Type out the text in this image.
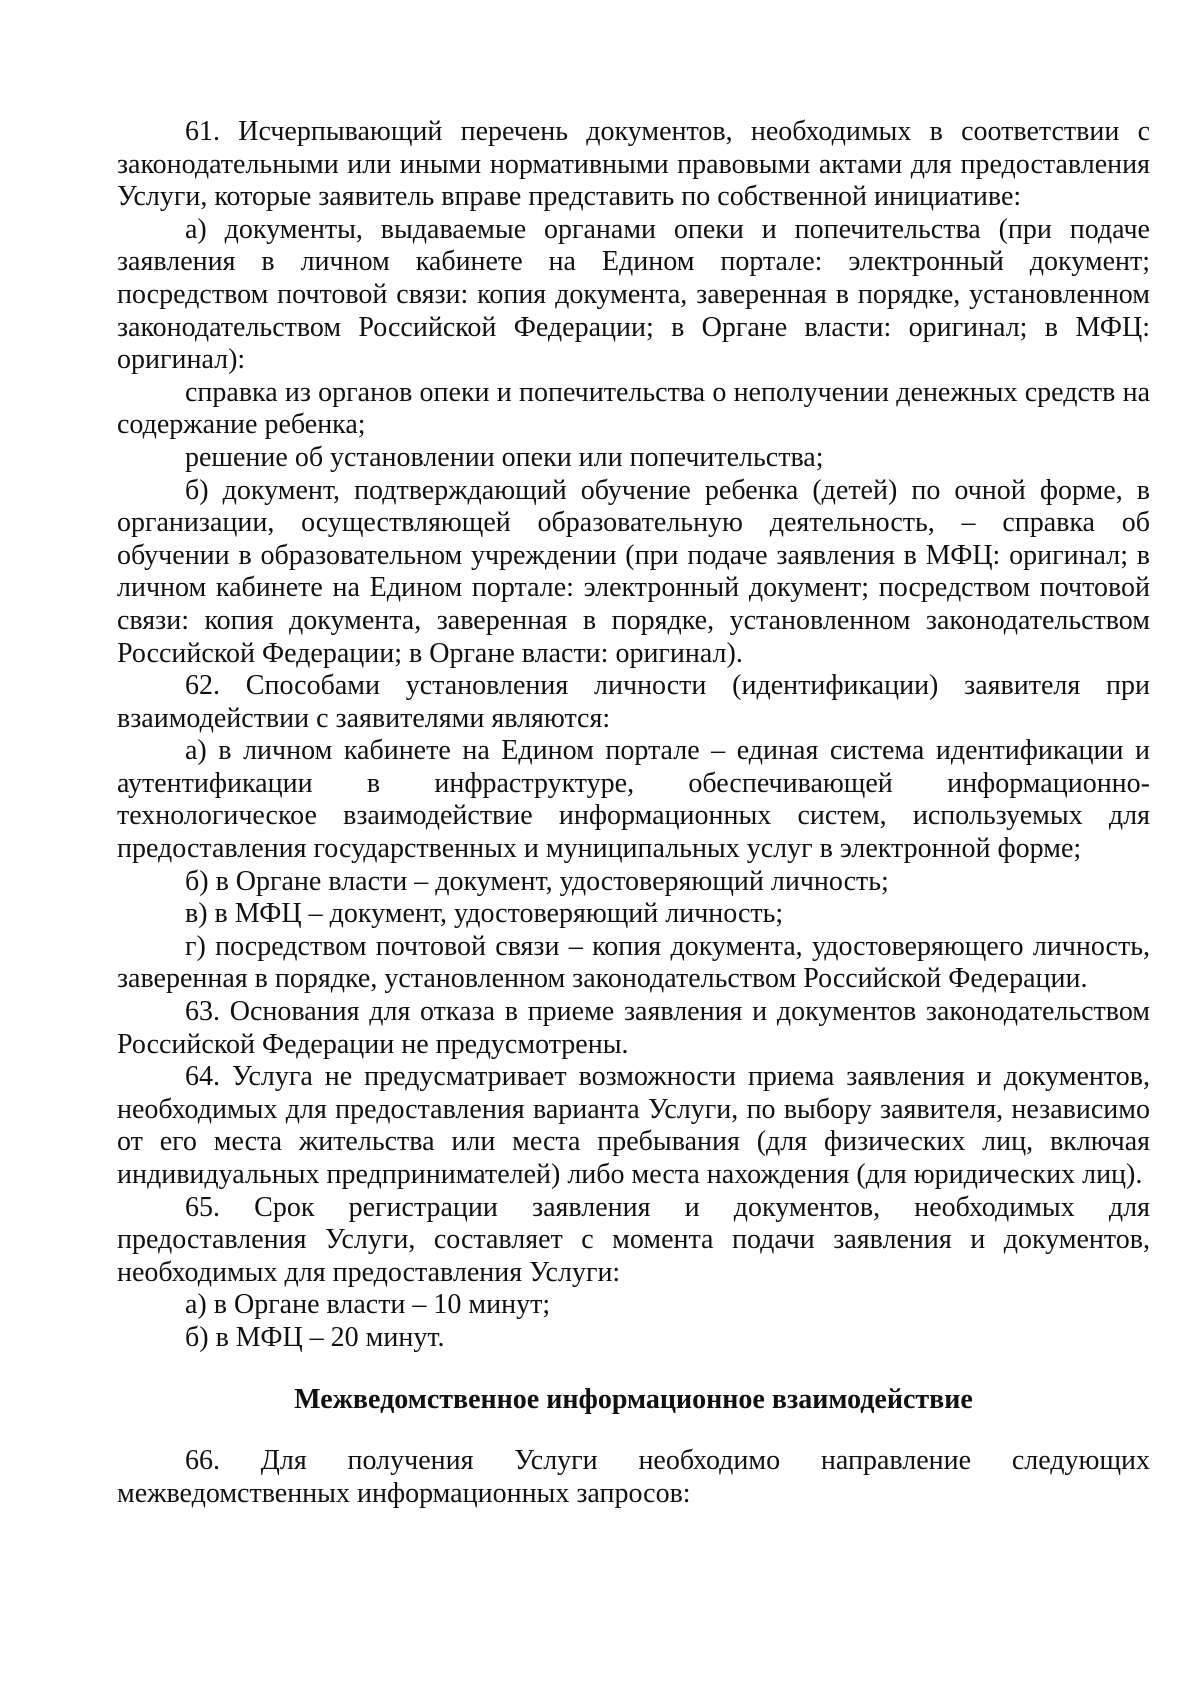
61. Исчерпывающий перечень документов, необходимых в соответствии с законодательными или иными нормативными правовыми актами для предоставления Услуги, которые заявитель вправе представить по собственной инициативе:

а) документы, выдаваемые органами опеки и попечительства (при подаче заявления в личном кабинете на Едином портале: электронный документ; посредством почтовой связи: копия документа, заверенная в порядке, установленном законодательством Российской Федерации; в Органе власти: оригинал; в МФЦ: оригинал):

справка из органов опеки и попечительства о неполучении денежных средств на содержание ребенка;

решение об установлении опеки или попечительства;

б) документ, подтверждающий обучение ребенка (детей) по очной форме, в организации, осуществляющей образовательную деятельность, – справка об обучении в образовательном учреждении (при подаче заявления в МФЦ: оригинал; в личном кабинете на Едином портале: электронный документ; посредством почтовой связи: копия документа, заверенная в порядке, установленном законодательством Российской Федерации; в Органе власти: оригинал).

62. Способами установления личности (идентификации) заявителя при взаимодействии с заявителями являются:

а) в личном кабинете на Едином портале – единая система идентификации и аутентификации в инфраструктуре, обеспечивающей информационно-технологическое взаимодействие информационных систем, используемых для предоставления государственных и муниципальных услуг в электронной форме;

б) в Органе власти – документ, удостоверяющий личность;

в) в МФЦ – документ, удостоверяющий личность;

г) посредством почтовой связи – копия документа, удостоверяющего личность, заверенная в порядке, установленном законодательством Российской Федерации.

63. Основания для отказа в приеме заявления и документов законодательством Российской Федерации не предусмотрены.

64. Услуга не предусматривает возможности приема заявления и документов, необходимых для предоставления варианта Услуги, по выбору заявителя, независимо от его места жительства или места пребывания (для физических лиц, включая индивидуальных предпринимателей) либо места нахождения (для юридических лиц).

65. Срок регистрации заявления и документов, необходимых для предоставления Услуги, составляет с момента подачи заявления и документов, необходимых для предоставления Услуги:

а) в Органе власти – 10 минут;

б) в МФЦ – 20 минут.

Межведомственное информационное взаимодействие

66. Для получения Услуги необходимо направление следующих межведомственных информационных запросов:
